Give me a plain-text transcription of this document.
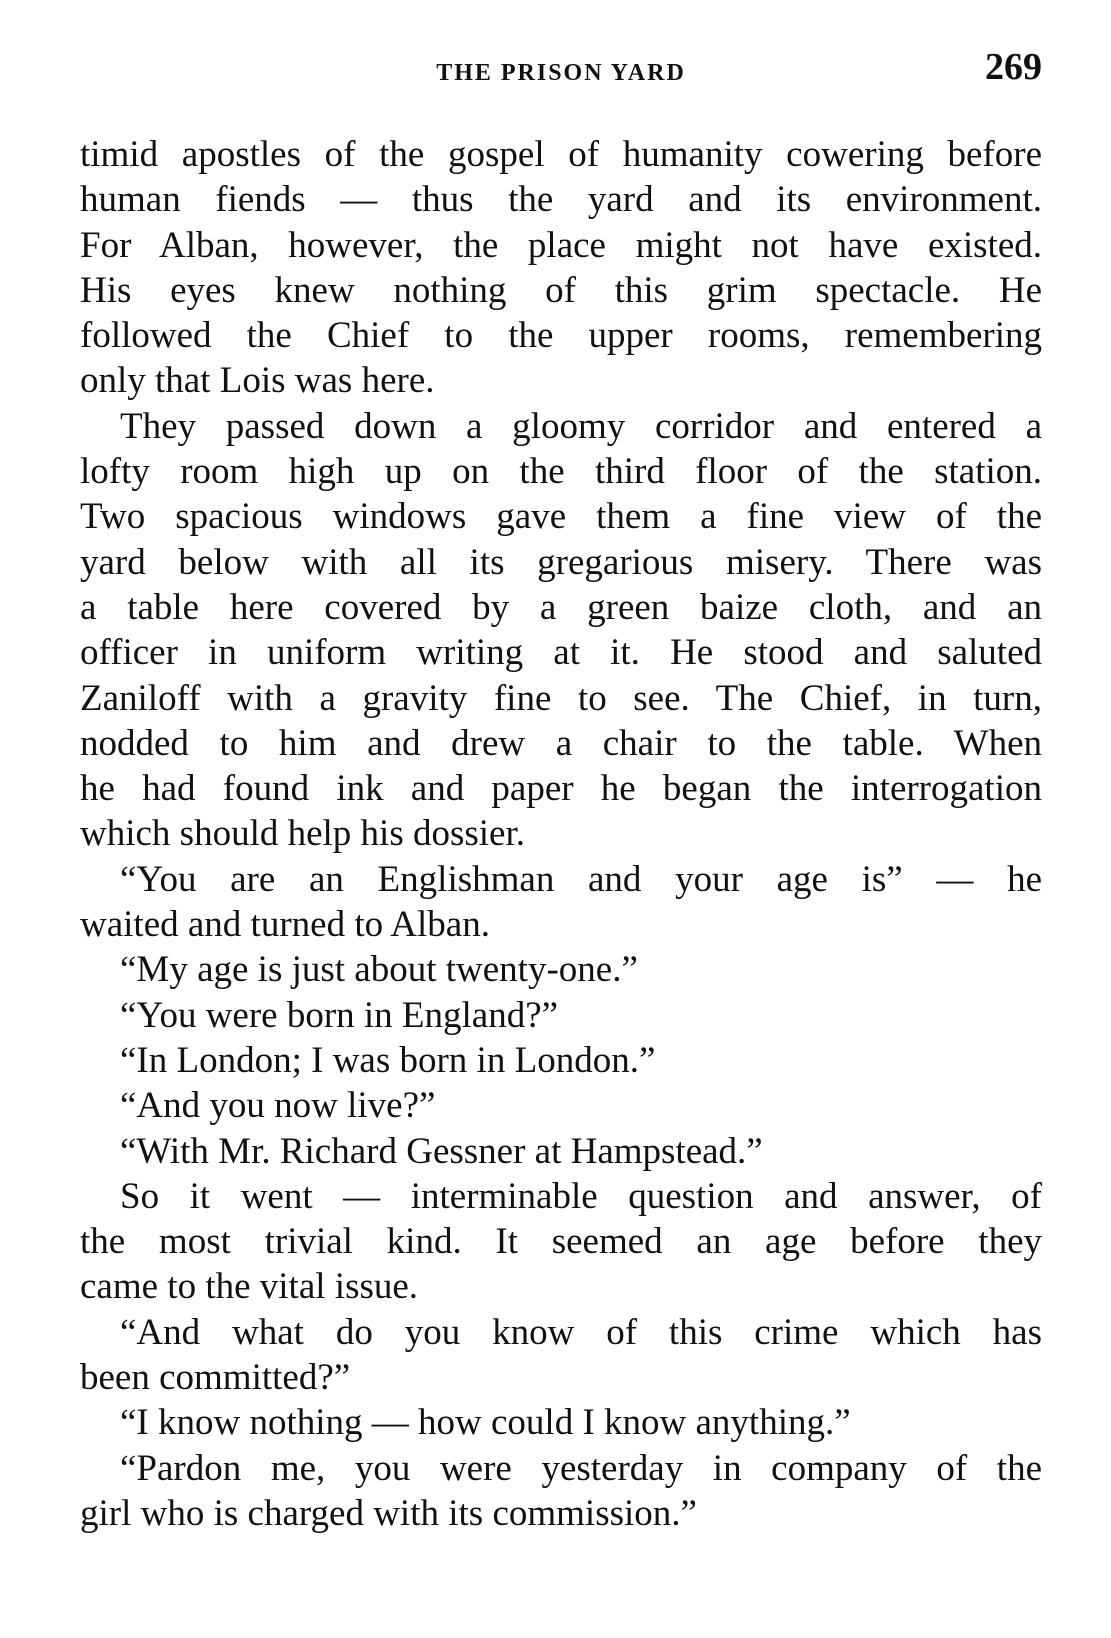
THE PRISON YARD	269
timid apostles of the gospel of humanity cowering before
human fiends — thus the yard and its environment.
For Alban, however, the place might not have existed.
His eyes knew nothing of this grim spectacle. He
followed the Chief to the upper rooms, remembering
only that Lois was here.
They passed down a gloomy corridor and entered a
lofty room high up on the third floor of the station.
Two spacious windows gave them a fine view of the
yard below with all its gregarious misery. There was
a table here covered by a green baize cloth, and an
officer in uniform writing at it. He stood and saluted
Zaniloff with a gravity fine to see. The Chief, in turn,
nodded to him and drew a chair to the table. When
he had found ink and paper he began the interrogation
which should help his dossier.
“You are an Englishman and your age is” — he
waited and turned to Alban.
“My age is just about twenty-one.”
“You were born in England?”
“In London; I was born in London.”
“And you now live?”
“With Mr. Richard Gessner at Hampstead.”
So it went — interminable question and answer, of
the most trivial kind. It seemed an age before they
came to the vital issue.
“And what do you know of this crime which has
been committed?”
“I know nothing — how could I know anything.”
“Pardon me, you were yesterday in company of the
girl who is charged with its commission.”
